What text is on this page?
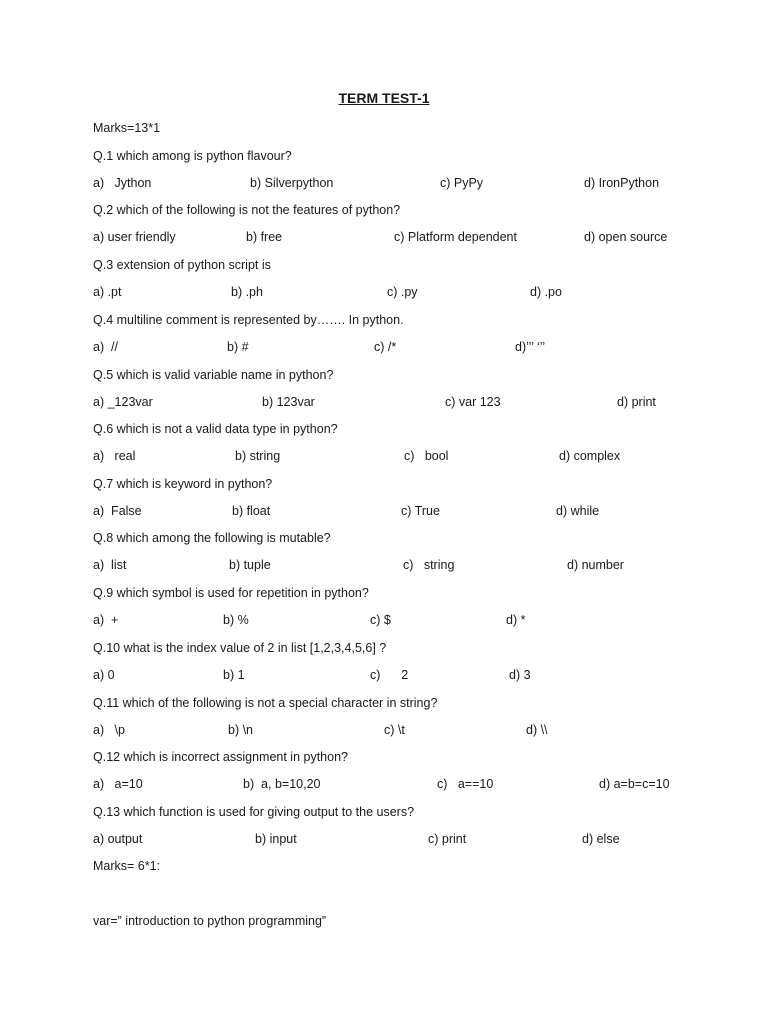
TERM TEST-1
Marks=13*1
Q.1 which among is python flavour?
a)   Jython	b) Silverpython	c) PyPy	d) IronPython
Q.2 which of the following is not the features of python?
a) user friendly	b) free	c) Platform dependent	d) open source
Q.3 extension of python script is
a) .pt	b) .ph	c) .py	d) .po
Q.4 multiline comment is represented by……. In python.
a)  //	b) #	c) /*	d)’’’ ‘’’
Q.5 which is valid variable name in python?
a) _123var	b) 123var	c) var 123	d) print
Q.6 which is not a valid data type in python?
a)   real	b) string	c)   bool	d) complex
Q.7 which is keyword in python?
a)  False	b) float	c) True	d) while
Q.8 which among the following is mutable?
a)  list	b) tuple	c)   string	d) number
Q.9 which symbol is used for repetition in python?
a)  +	b) %	c) $	d) *
Q.10 what is the index value of 2 in list [1,2,3,4,5,6] ?
a) 0	b) 1	c)      2	d) 3
Q.11 which of the following is not a special character in string?
a)   \p	b) \n	c) \t	d) \\
Q.12 which is incorrect assignment in python?
a)   a=10	b)  a, b=10,20	c)   a==10	d) a=b=c=10
Q.13 which function is used for giving output to the users?
a) output	b) input	c) print	d) else
Marks= 6*1:
var=” introduction to python programming”
